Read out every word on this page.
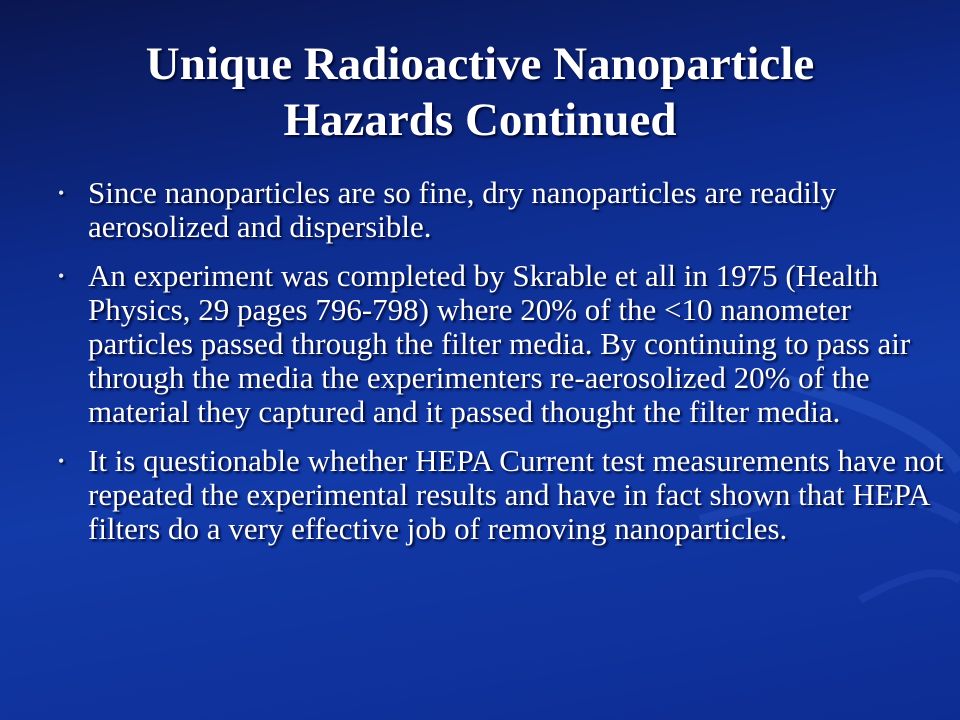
Unique Radioactive Nanoparticle
Hazards Continued
• Since nanoparticles are so fine, dry nanoparticles are readily aerosolized and dispersible.
• An experiment was completed by Skrable et all in 1975 (Health Physics, 29 pages 796-798) where 20% of the <10 nanometer particles passed through the filter media. By continuing to pass air through the media the experimenters re-aerosolized 20% of the material they captured and it passed thought the filter media.
• It is questionable whether HEPA Current test measurements have not repeated the experimental results and have in fact shown that HEPA filters do a very effective job of removing nanoparticles.
